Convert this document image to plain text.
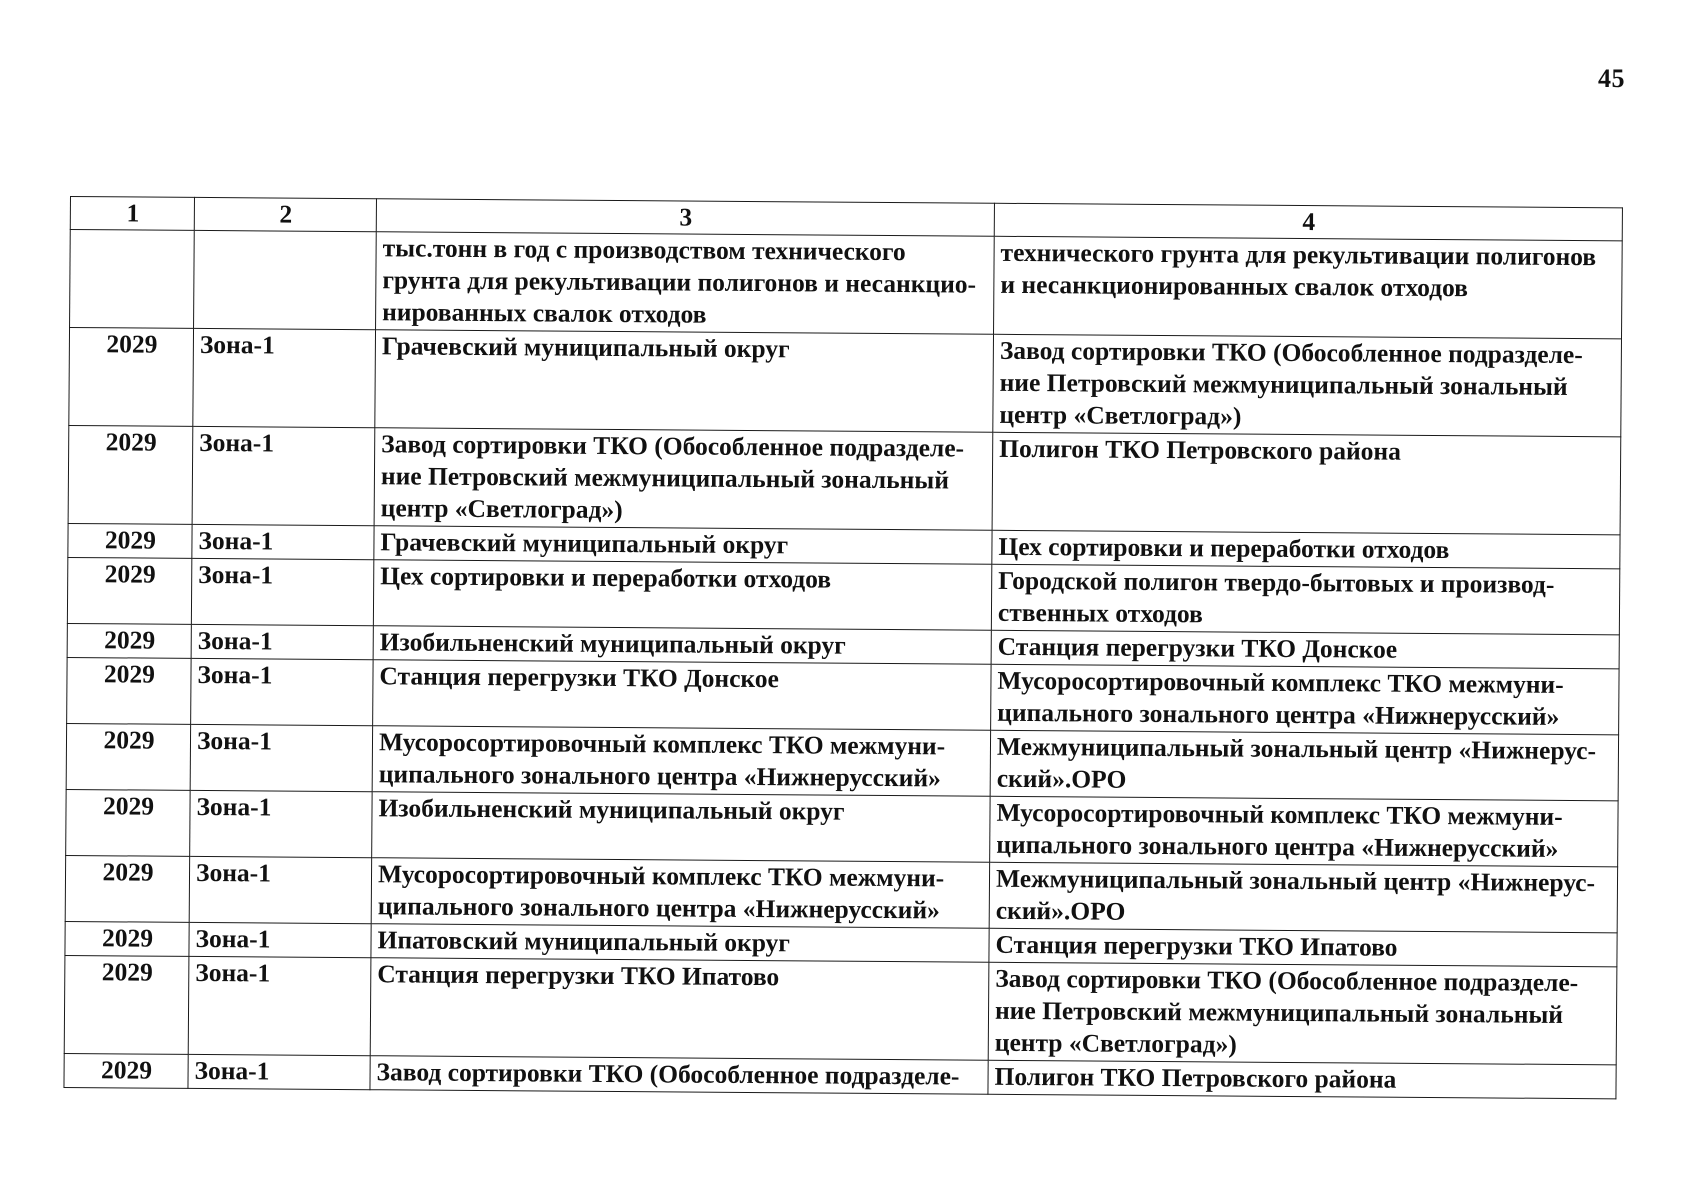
45
1	2	3	4
		тыс.тонн в год с производством технического грунта для рекультивации полигонов и несанкцио-нированных свалок отходов	технического грунта для рекультивации полигонов и несанкционированных свалок отходов
2029	Зона-1	Грачевский муниципальный округ	Завод сортировки ТКО (Обособленное подразделе-ние Петровский межмуниципальный зональный центр «Светлоград»)
2029	Зона-1	Завод сортировки ТКО (Обособленное подразделе-ние Петровский межмуниципальный зональный центр «Светлоград»)	Полигон ТКО Петровского района
2029	Зона-1	Грачевский муниципальный округ	Цех сортировки и переработки отходов
2029	Зона-1	Цех сортировки и переработки отходов	Городской полигон твердо-бытовых и производ-ственных отходов
2029	Зона-1	Изобильненский муниципальный округ	Станция перегрузки ТКО Донское
2029	Зона-1	Станция перегрузки ТКО Донское	Мусоросортировочный комплекс ТКО межмуни-ципального зонального центра «Нижнерусский»
2029	Зона-1	Мусоросортировочный комплекс ТКО межмуни-ципального зонального центра «Нижнерусский»	Межмуниципальный зональный центр «Нижнерус-ский».ОРО
2029	Зона-1	Изобильненский муниципальный округ	Мусоросортировочный комплекс ТКО межмуни-ципального зонального центра «Нижнерусский»
2029	Зона-1	Мусоросортировочный комплекс ТКО межмуни-ципального зонального центра «Нижнерусский»	Межмуниципальный зональный центр «Нижнерус-ский».ОРО
2029	Зона-1	Ипатовский муниципальный округ	Станция перегрузки ТКО Ипатово
2029	Зона-1	Станция перегрузки ТКО Ипатово	Завод сортировки ТКО (Обособленное подразделе-ние Петровский межмуниципальный зональный центр «Светлоград»)
2029	Зона-1	Завод сортировки ТКО (Обособленное подразделе-	Полигон ТКО Петровского района
